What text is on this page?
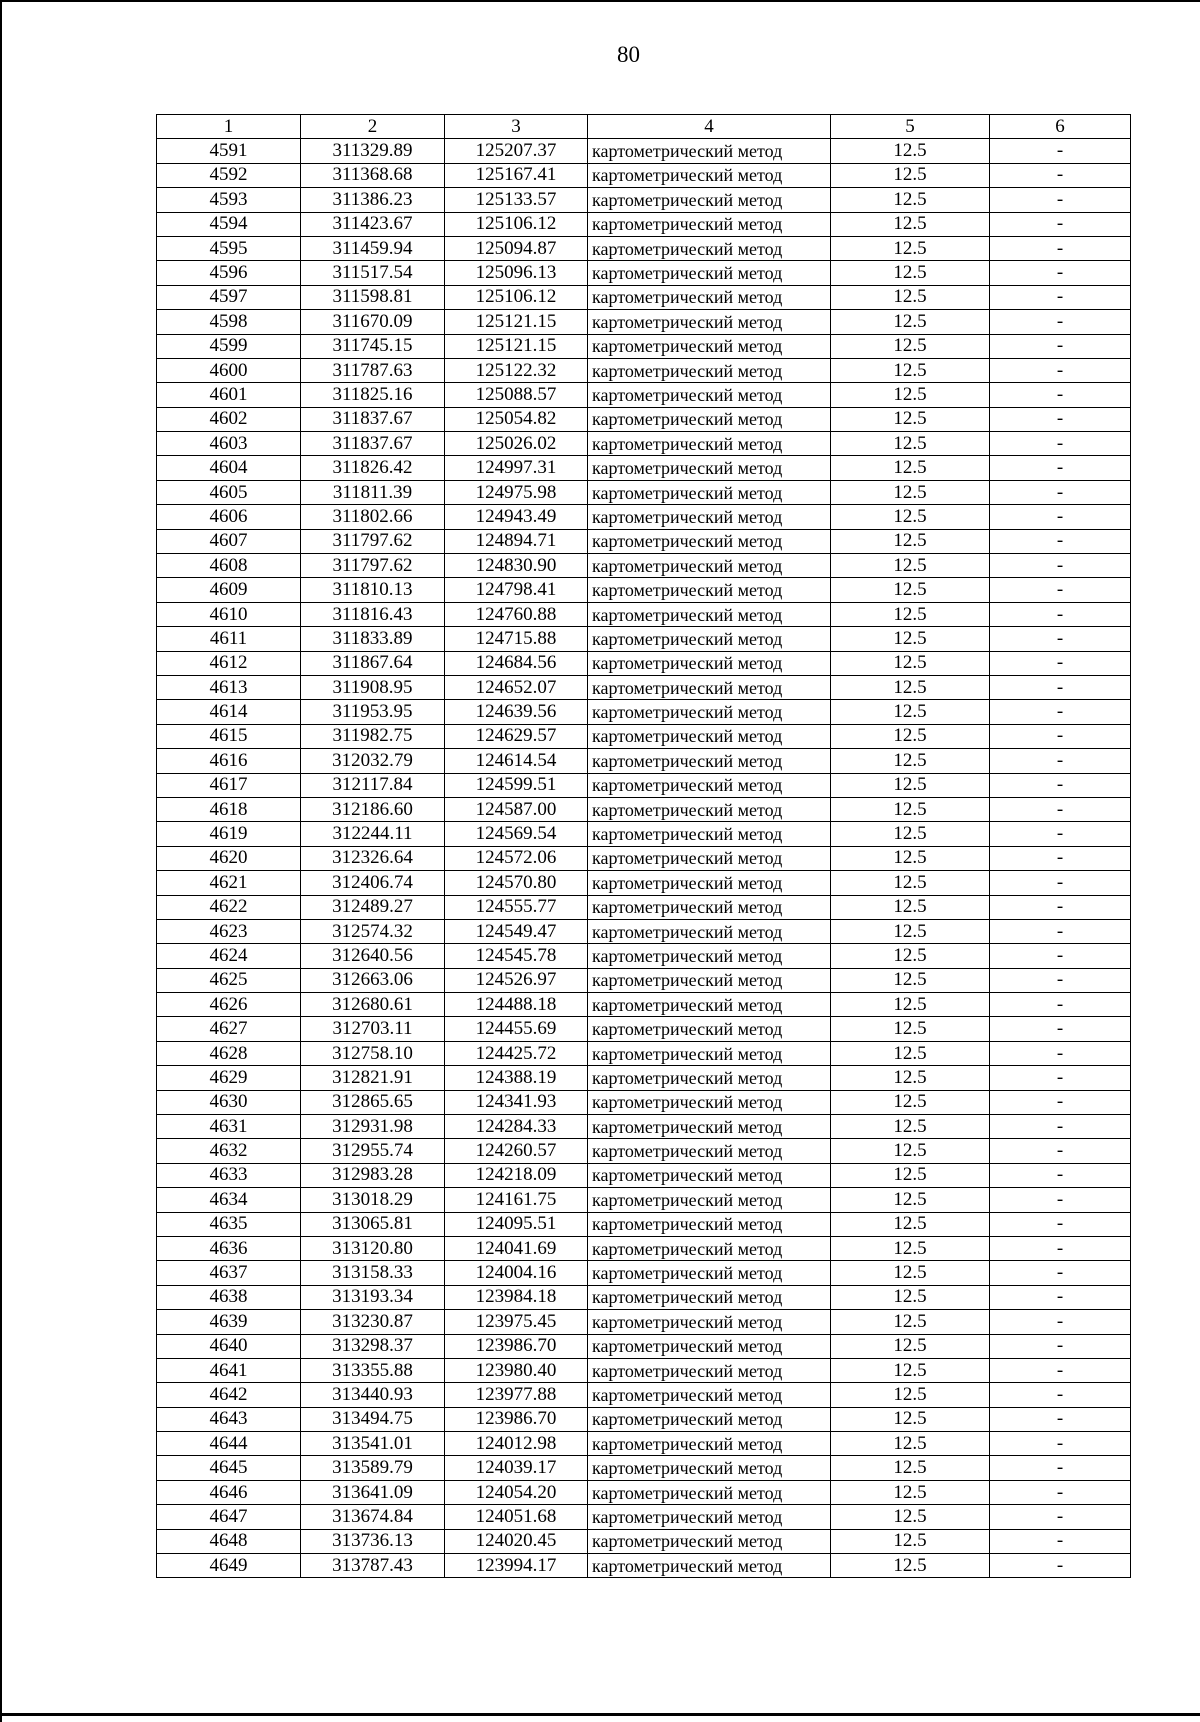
80
1	2	3	4	5	6
4591	311329.89	125207.37	картометрический метод	12.5	-
4592	311368.68	125167.41	картометрический метод	12.5	-
4593	311386.23	125133.57	картометрический метод	12.5	-
4594	311423.67	125106.12	картометрический метод	12.5	-
4595	311459.94	125094.87	картометрический метод	12.5	-
4596	311517.54	125096.13	картометрический метод	12.5	-
4597	311598.81	125106.12	картометрический метод	12.5	-
4598	311670.09	125121.15	картометрический метод	12.5	-
4599	311745.15	125121.15	картометрический метод	12.5	-
4600	311787.63	125122.32	картометрический метод	12.5	-
4601	311825.16	125088.57	картометрический метод	12.5	-
4602	311837.67	125054.82	картометрический метод	12.5	-
4603	311837.67	125026.02	картометрический метод	12.5	-
4604	311826.42	124997.31	картометрический метод	12.5	-
4605	311811.39	124975.98	картометрический метод	12.5	-
4606	311802.66	124943.49	картометрический метод	12.5	-
4607	311797.62	124894.71	картометрический метод	12.5	-
4608	311797.62	124830.90	картометрический метод	12.5	-
4609	311810.13	124798.41	картометрический метод	12.5	-
4610	311816.43	124760.88	картометрический метод	12.5	-
4611	311833.89	124715.88	картометрический метод	12.5	-
4612	311867.64	124684.56	картометрический метод	12.5	-
4613	311908.95	124652.07	картометрический метод	12.5	-
4614	311953.95	124639.56	картометрический метод	12.5	-
4615	311982.75	124629.57	картометрический метод	12.5	-
4616	312032.79	124614.54	картометрический метод	12.5	-
4617	312117.84	124599.51	картометрический метод	12.5	-
4618	312186.60	124587.00	картометрический метод	12.5	-
4619	312244.11	124569.54	картометрический метод	12.5	-
4620	312326.64	124572.06	картометрический метод	12.5	-
4621	312406.74	124570.80	картометрический метод	12.5	-
4622	312489.27	124555.77	картометрический метод	12.5	-
4623	312574.32	124549.47	картометрический метод	12.5	-
4624	312640.56	124545.78	картометрический метод	12.5	-
4625	312663.06	124526.97	картометрический метод	12.5	-
4626	312680.61	124488.18	картометрический метод	12.5	-
4627	312703.11	124455.69	картометрический метод	12.5	-
4628	312758.10	124425.72	картометрический метод	12.5	-
4629	312821.91	124388.19	картометрический метод	12.5	-
4630	312865.65	124341.93	картометрический метод	12.5	-
4631	312931.98	124284.33	картометрический метод	12.5	-
4632	312955.74	124260.57	картометрический метод	12.5	-
4633	312983.28	124218.09	картометрический метод	12.5	-
4634	313018.29	124161.75	картометрический метод	12.5	-
4635	313065.81	124095.51	картометрический метод	12.5	-
4636	313120.80	124041.69	картометрический метод	12.5	-
4637	313158.33	124004.16	картометрический метод	12.5	-
4638	313193.34	123984.18	картометрический метод	12.5	-
4639	313230.87	123975.45	картометрический метод	12.5	-
4640	313298.37	123986.70	картометрический метод	12.5	-
4641	313355.88	123980.40	картометрический метод	12.5	-
4642	313440.93	123977.88	картометрический метод	12.5	-
4643	313494.75	123986.70	картометрический метод	12.5	-
4644	313541.01	124012.98	картометрический метод	12.5	-
4645	313589.79	124039.17	картометрический метод	12.5	-
4646	313641.09	124054.20	картометрический метод	12.5	-
4647	313674.84	124051.68	картометрический метод	12.5	-
4648	313736.13	124020.45	картометрический метод	12.5	-
4649	313787.43	123994.17	картометрический метод	12.5	-
